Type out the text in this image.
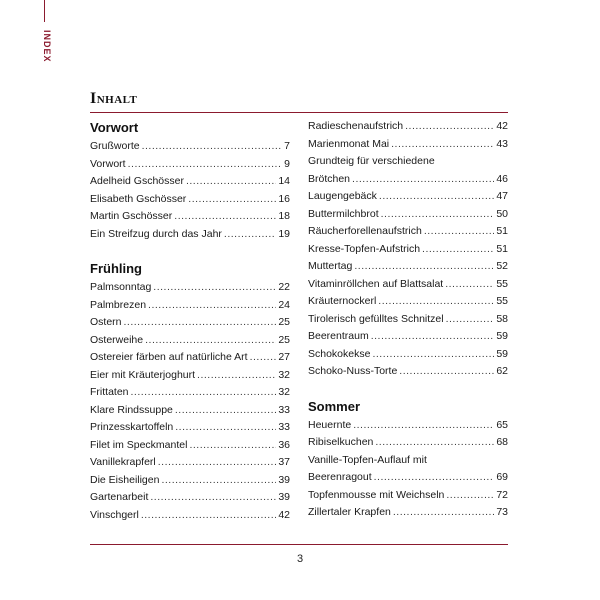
INDEX
Inhalt
Vorwort
Grußworte .....	7
Vorwort .....	9
Adelheid Gschösser .....	14
Elisabeth Gschösser .....	16
Martin Gschösser .....	18
Ein Streifzug durch das Jahr .....	19
Frühling
Palmsonntag .....	22
Palmbrezen .....	24
Ostern .....	25
Osterweihe .....	25
Ostereier färben auf natürliche Art .....	27
Eier mit Kräuterjoghurt .....	32
Frittaten .....	32
Klare Rindssuppe .....	33
Prinzesskartoffeln .....	33
Filet im Speckmantel .....	36
Vanillekrapferl .....	37
Die Eisheiligen .....	39
Gartenarbeit .....	39
Vinschgerl .....	42
Radieschenaufstrich .....	42
Marienmonat Mai .....	43
Grundteig für verschiedene
Brötchen .....	46
Laugengebäck .....	47
Buttermilchbrot .....	50
Räucherforellenaufstrich .....	51
Kresse-Topfen-Aufstrich .....	51
Muttertag .....	52
Vitaminröllchen auf Blattsalat .....	55
Kräuternockerl .....	55
Tirolerisch gefülltes Schnitzel .....	58
Beerentraum .....	59
Schokokekse .....	59
Schoko-Nuss-Torte .....	62
Sommer
Heuernte .....	65
Ribiselkuchen .....	68
Vanille-Topfen-Auflauf mit
Beerenragout .....	69
Topfenmousse mit Weichseln .....	72
Zillertaler Krapfen .....	73
3
